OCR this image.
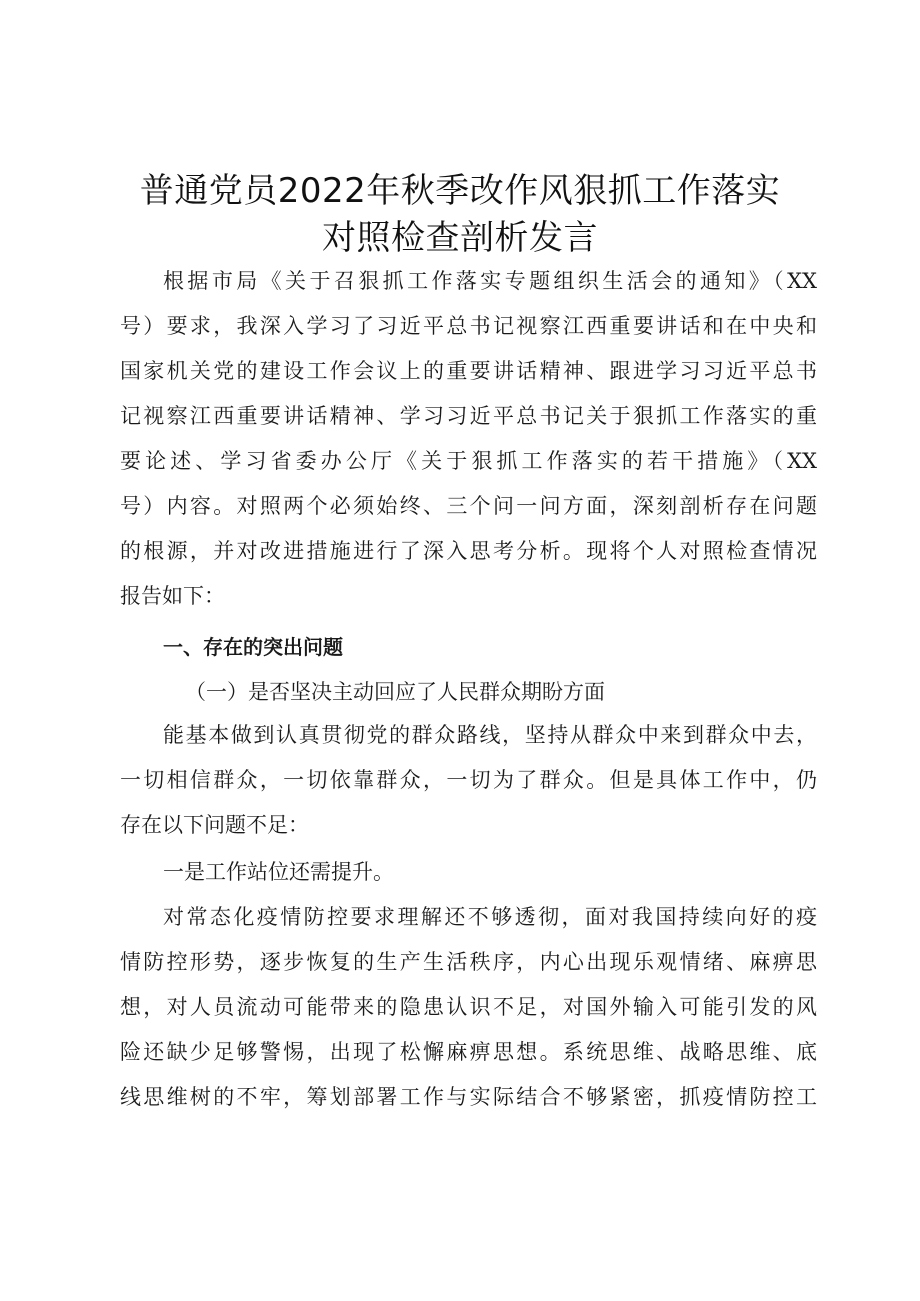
普通党员2022年秋季改作风狠抓工作落实
对照检查剖析发言
根据市局《关于召狠抓工作落实专题组织生活会的通知》（XX
号）要求，我深入学习了习近平总书记视察江西重要讲话和在中央和
国家机关党的建设工作会议上的重要讲话精神、跟进学习习近平总书
记视察江西重要讲话精神、学习习近平总书记关于狠抓工作落实的重
要论述、学习省委办公厅《关于狠抓工作落实的若干措施》（XX
号）内容。对照两个必须始终、三个问一问方面，深刻剖析存在问题
的根源，并对改进措施进行了深入思考分析。现将个人对照检查情况
报告如下：
一、存在的突出问题
（一）是否坚决主动回应了人民群众期盼方面
能基本做到认真贯彻党的群众路线，坚持从群众中来到群众中去，
一切相信群众，一切依靠群众，一切为了群众。但是具体工作中，仍
存在以下问题不足：
一是工作站位还需提升。
对常态化疫情防控要求理解还不够透彻，面对我国持续向好的疫
情防控形势，逐步恢复的生产生活秩序，内心出现乐观情绪、麻痹思
想，对人员流动可能带来的隐患认识不足，对国外输入可能引发的风
险还缺少足够警惕，出现了松懈麻痹思想。系统思维、战略思维、底
线思维树的不牢，筹划部署工作与实际结合不够紧密，抓疫情防控工
